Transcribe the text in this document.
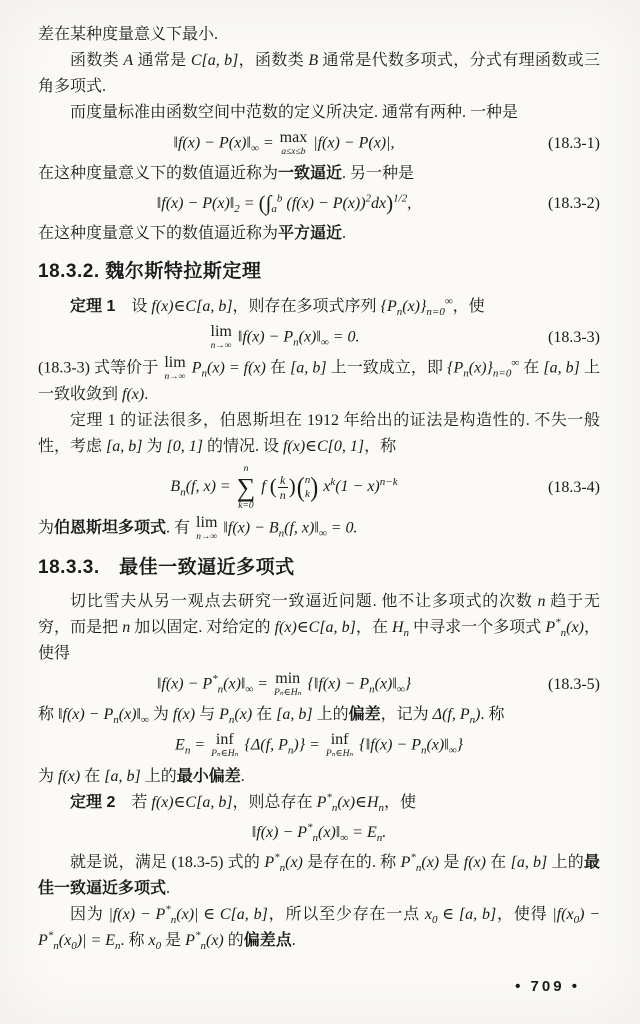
差在某种度量意义下最小.
函数类 A 通常是 C[a, b]，函数类 B 通常是代数多项式，分式有理函数或三角多项式.
而度量标准由函数空间中范数的定义所决定. 通常有两种. 一种是
‖f(x) − $P(x)‖_\infty = \max$
a≤x≤b
|f(x) − P(x)|,	(18.3-1)
在这种度量意义下的数值逼近称为一致逼近. 另一种是
‖f(x) − $P(x)‖_2 = (\int_a^b$ $(f(x) - P(x))^2dx)^{1/2}$,	(18.3-2)
在这种度量意义下的数值逼近称为平方逼近.
18.3.2. 魏尔斯特拉斯定理
定理 1　设 f(x)∈C[a, b]，则存在多项式序列 $\{P_n(x)\}_{n=0}^\infty$，使
lim
n→∞
‖f(x) − $P_n(x)‖_\infty = 0$.	(18.3-3)
(18.3-3) 式等价于 lim
n→∞
$P_n(x) = f(x)$ 在 [a, b] 上一致成立，即 $\{P_n(x)\}_{n=0}^\infty$ 在 [a, b] 上一致收敛到 f(x).
定理 1 的证法很多，伯恩斯坦在 1912 年给出的证法是构造性的. 不失一般性，考虑 [a, b] 为 [0, 1] 的情况. 设 f(x)∈C[0, 1]，称
$B_n(f$, x) =
n
∑
k=0
f ( $\frac{k}{n}$ ) ( n
k ) $x^k(1 - x)^{n-k}$	(18.3-4)
为伯恩斯坦多项式. 有 lim
n→∞
‖f(x) − $B_n(f$, $x)‖_\infty = 0$.
18.3.3.　最佳一致逼近多项式
切比雪夫从另一观点去研究一致逼近问题. 他不让多项式的次数 n 趋于无穷，而是把 n 加以固定. 对给定的 f(x)∈C[a, b]，在 $H_n$ 中寻求一个多项式 $P^*_n(x)$，使得
‖f(x) − $P^*_n(x)‖_\infty = \min$
Pₙ∈Hₙ
{‖f(x) − $P_n(x)‖_\infty$}	(18.3-5)
称 ‖f(x) − $P_n(x)‖_\infty$ 为 f(x) 与 $P_n(x)$ 在 [a, b] 上的偏差，记为 Δ(f, $P_n$). 称
$E_n$ = inf
Pₙ∈Hₙ
{Δ(f, $P_n$)} = inf
Pₙ∈Hₙ
{‖f(x) − $P_n(x)‖_\infty$}
为 f(x) 在 [a, b] 上的最小偏差.
定理 2　若 f(x)∈C[a, b]，则总存在 $P^*_n(x)\in H_n$，使
‖f(x) − $P^*_n(x)‖_\infty = E_n$.
就是说，满足 (18.3-5) 式的 $P^*_n(x)$ 是存在的. 称 $P^*_n(x)$ 是 f(x) 在 [a, b] 上的最佳一致逼近多项式.
因为 $|f(x) - P^*_n(x)|$ ∈ C[a, b]，所以至少存在一点 $x_0$ ∈ [a, b]，使得 $|f(x_0) - P^*_n(x_0)| = E_n$. 称 $x_0$ 是 $P^*_n(x)$ 的偏差点.
• 709 •
